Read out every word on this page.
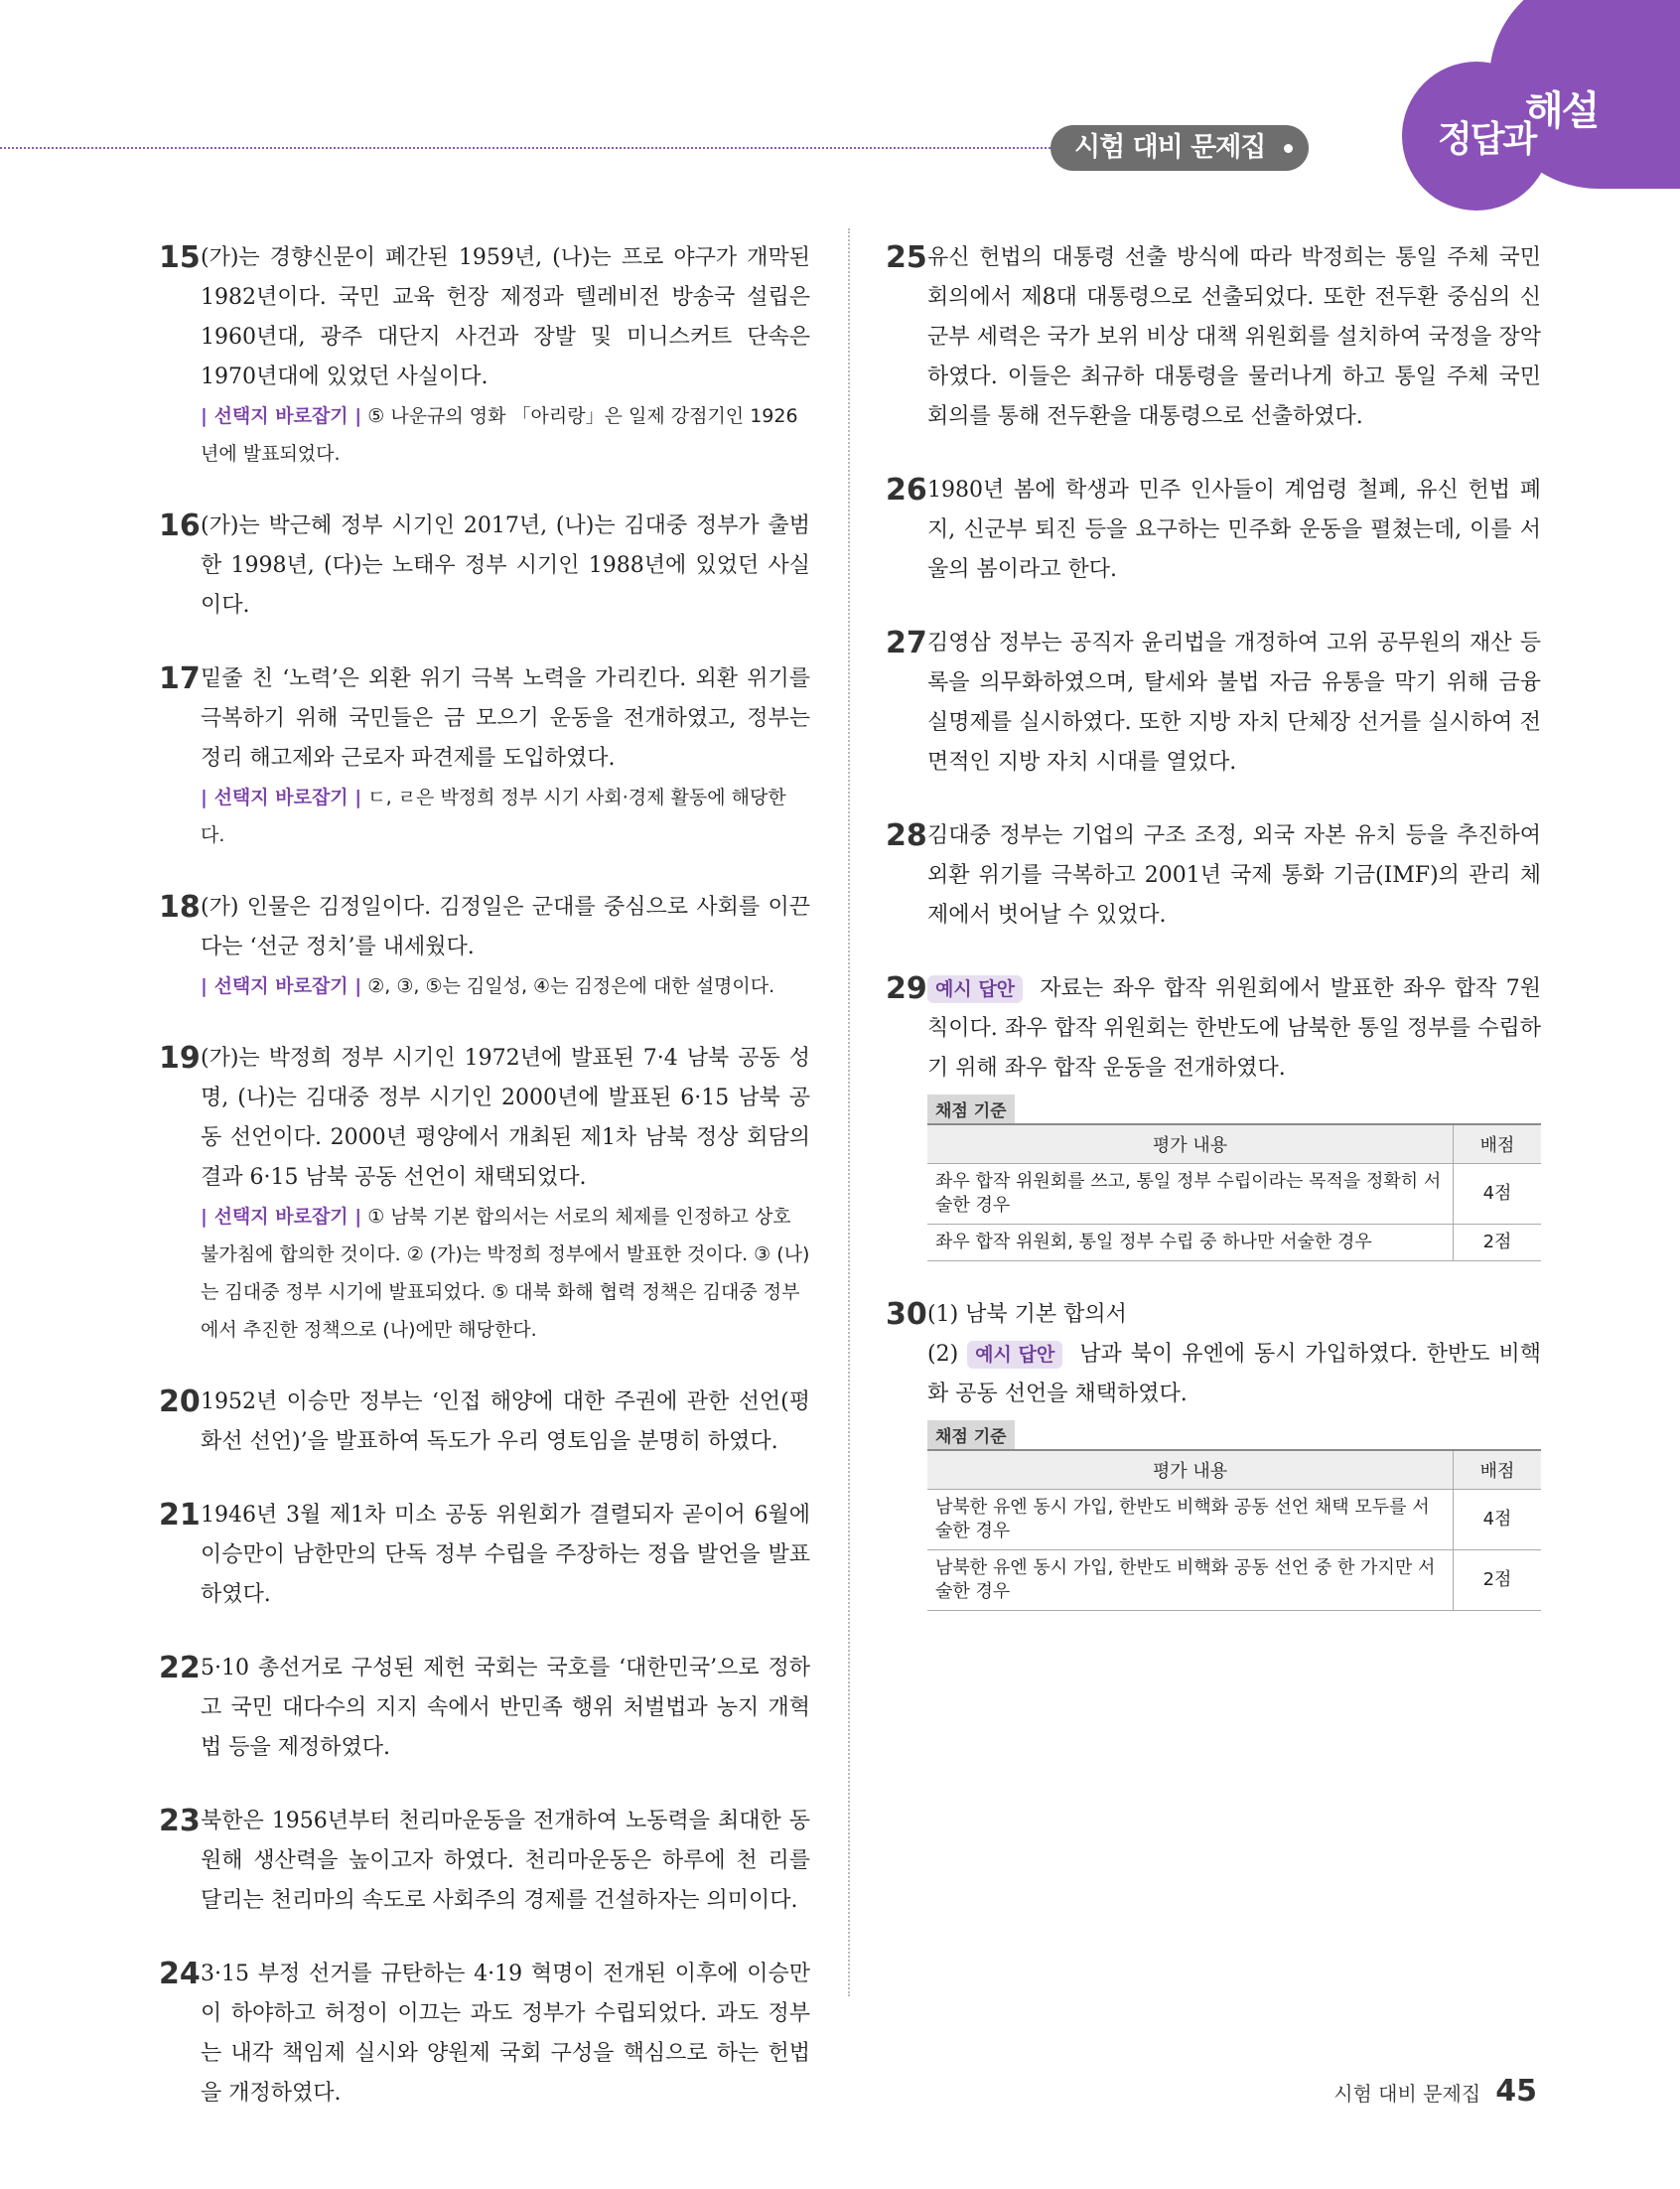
시험 대비 문제집	정답과
해설
15 (가)는 경향신문이 폐간된 1959년, (나)는 프로 야구가 개막된 1982년이다. 국민 교육 헌장 제정과 텔레비전 방송국 설립은 1960년대, 광주 대단지 사건과 장발 및 미니스커트 단속은 1970년대에 있었던 사실이다.
| 선택지 바로잡기 | ⑤ 나운규의 영화 「아리랑」은 일제 강점기인 1926년에 발표되었다.
16 (가)는 박근혜 정부 시기인 2017년, (나)는 김대중 정부가 출범한 1998년, (다)는 노태우 정부 시기인 1988년에 있었던 사실이다.
17 밑줄 친 ‘노력’은 외환 위기 극복 노력을 가리킨다. 외환 위기를 극복하기 위해 국민들은 금 모으기 운동을 전개하였고, 정부는 정리 해고제와 근로자 파견제를 도입하였다.
| 선택지 바로잡기 | ㄷ, ㄹ은 박정희 정부 시기 사회·경제 활동에 해당한다.
18 (가) 인물은 김정일이다. 김정일은 군대를 중심으로 사회를 이끈다는 ‘선군 정치’를 내세웠다.
| 선택지 바로잡기 | ②, ③, ⑤는 김일성, ④는 김정은에 대한 설명이다.
19 (가)는 박정희 정부 시기인 1972년에 발표된 7·4 남북 공동 성명, (나)는 김대중 정부 시기인 2000년에 발표된 6·15 남북 공동 선언이다. 2000년 평양에서 개최된 제1차 남북 정상 회담의 결과 6·15 남북 공동 선언이 채택되었다.
| 선택지 바로잡기 | ① 남북 기본 합의서는 서로의 체제를 인정하고 상호 불가침에 합의한 것이다. ② (가)는 박정희 정부에서 발표한 것이다. ③ (나)는 김대중 정부 시기에 발표되었다. ⑤ 대북 화해 협력 정책은 김대중 정부에서 추진한 정책으로 (나)에만 해당한다.
20 1952년 이승만 정부는 ‘인접 해양에 대한 주권에 관한 선언(평화선 선언)’을 발표하여 독도가 우리 영토임을 분명히 하였다.
21 1946년 3월 제1차 미소 공동 위원회가 결렬되자 곧이어 6월에 이승만이 남한만의 단독 정부 수립을 주장하는 정읍 발언을 발표하였다.
22 5·10 총선거로 구성된 제헌 국회는 국호를 ‘대한민국’으로 정하고 국민 대다수의 지지 속에서 반민족 행위 처벌법과 농지 개혁법 등을 제정하였다.
23 북한은 1956년부터 천리마운동을 전개하여 노동력을 최대한 동원해 생산력을 높이고자 하였다. 천리마운동은 하루에 천 리를 달리는 천리마의 속도로 사회주의 경제를 건설하자는 의미이다.
24 3·15 부정 선거를 규탄하는 4·19 혁명이 전개된 이후에 이승만이 하야하고 허정이 이끄는 과도 정부가 수립되었다. 과도 정부는 내각 책임제 실시와 양원제 국회 구성을 핵심으로 하는 헌법을 개정하였다.
25 유신 헌법의 대통령 선출 방식에 따라 박정희는 통일 주체 국민 회의에서 제8대 대통령으로 선출되었다. 또한 전두환 중심의 신군부 세력은 국가 보위 비상 대책 위원회를 설치하여 국정을 장악하였다. 이들은 최규하 대통령을 물러나게 하고 통일 주체 국민 회의를 통해 전두환을 대통령으로 선출하였다.
26 1980년 봄에 학생과 민주 인사들이 계엄령 철폐, 유신 헌법 폐지, 신군부 퇴진 등을 요구하는 민주화 운동을 펼쳤는데, 이를 서울의 봄이라고 한다.
27 김영삼 정부는 공직자 윤리법을 개정하여 고위 공무원의 재산 등록을 의무화하였으며, 탈세와 불법 자금 유통을 막기 위해 금융 실명제를 실시하였다. 또한 지방 자치 단체장 선거를 실시하여 전면적인 지방 자치 시대를 열었다.
28 김대중 정부는 기업의 구조 조정, 외국 자본 유치 등을 추진하여 외환 위기를 극복하고 2001년 국제 통화 기금(IMF)의 관리 체제에서 벗어날 수 있었다.
29 예시 답안 자료는 좌우 합작 위원회에서 발표한 좌우 합작 7원칙이다. 좌우 합작 위원회는 한반도에 남북한 통일 정부를 수립하기 위해 좌우 합작 운동을 전개하였다.
채점 기준
평가 내용	배점
좌우 합작 위원회를 쓰고, 통일 정부 수립이라는 목적을 정확히 서술한 경우	4점
좌우 합작 위원회, 통일 정부 수립 중 하나만 서술한 경우	2점
30 (1) 남북 기본 합의서
(2) 예시 답안 남과 북이 유엔에 동시 가입하였다. 한반도 비핵화 공동 선언을 채택하였다.
채점 기준
평가 내용	배점
남북한 유엔 동시 가입, 한반도 비핵화 공동 선언 채택 모두를 서술한 경우	4점
남북한 유엔 동시 가입, 한반도 비핵화 공동 선언 중 한 가지만 서술한 경우	2점
시험 대비 문제집 45
